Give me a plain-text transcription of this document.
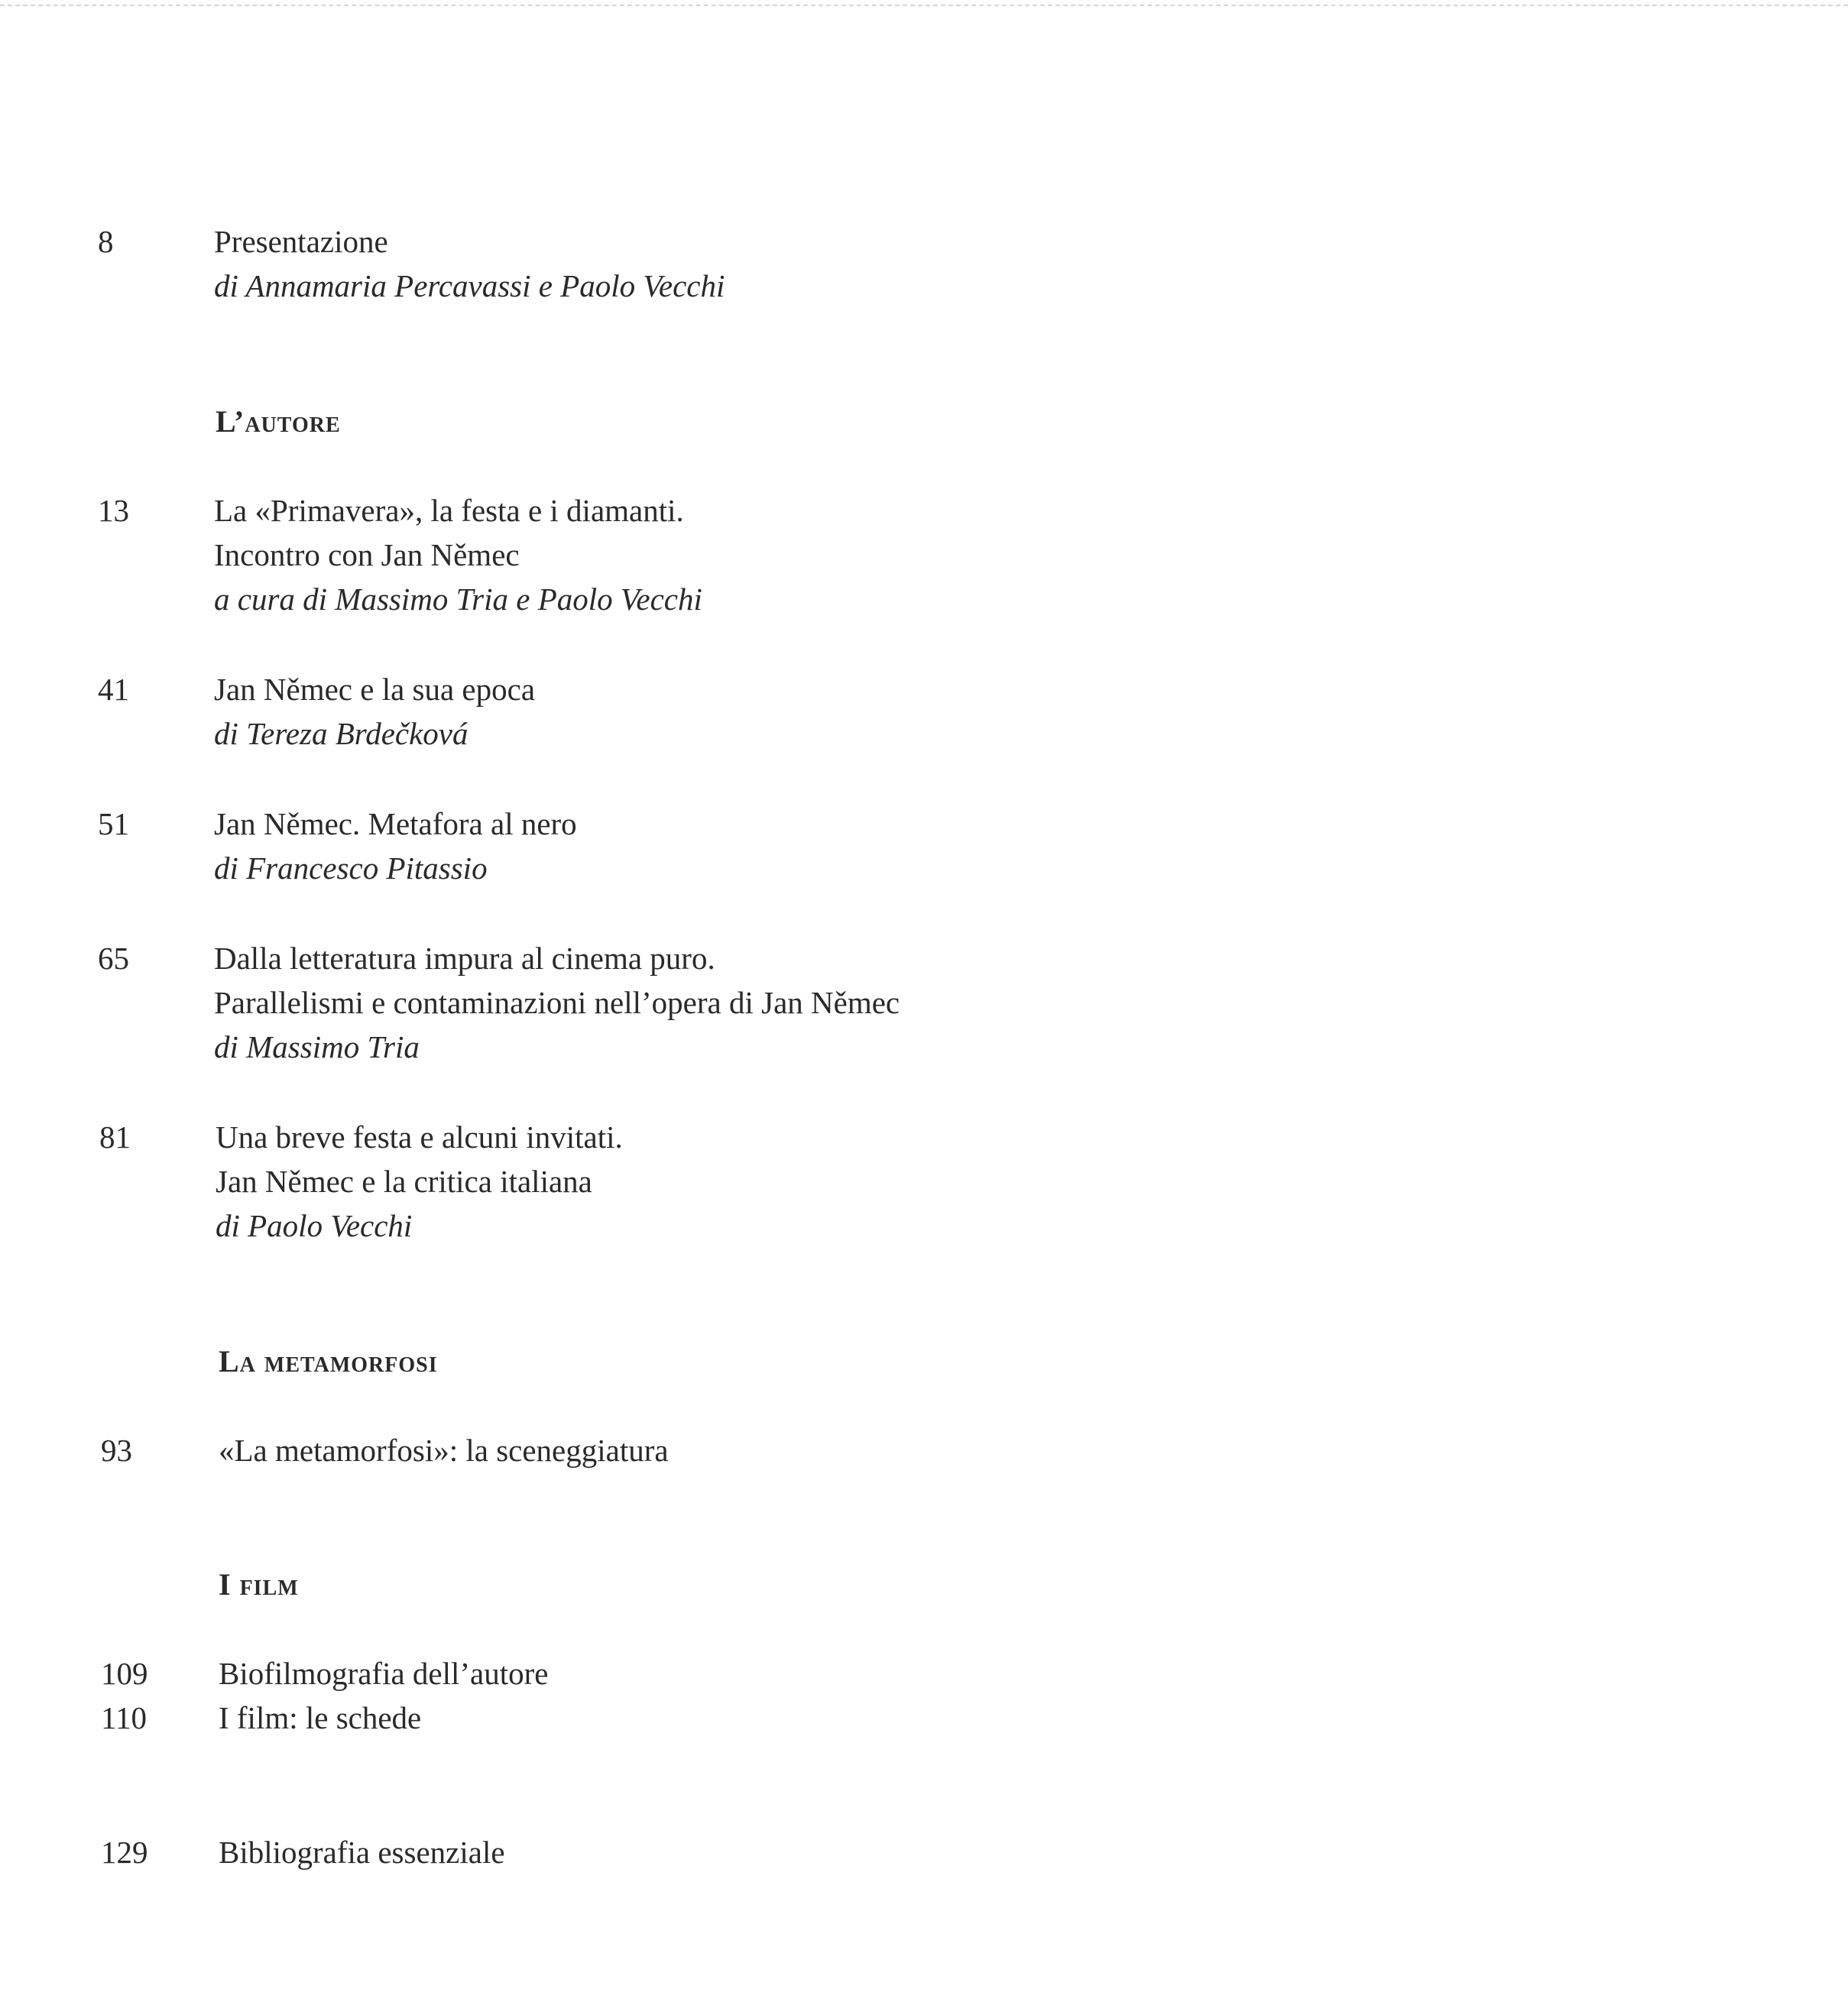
8	Presentazione
di Annamaria Percavassi e Paolo Vecchi
L’autore
13	La «Primavera», la festa e i diamanti.
Incontro con Jan Němec
a cura di Massimo Tria e Paolo Vecchi
41	Jan Němec e la sua epoca
di Tereza Brdečková
51	Jan Němec. Metafora al nero
di Francesco Pitassio
65	Dalla letteratura impura al cinema puro.
Parallelismi e contaminazioni nell’opera di Jan Němec
di Massimo Tria
81	Una breve festa e alcuni invitati.
Jan Němec e la critica italiana
di Paolo Vecchi
La metamorfosi
93	«La metamorfosi»: la sceneggiatura
I film
109 Biofilmografia dell’autore
110 I film: le schede
129 Bibliografia essenziale
